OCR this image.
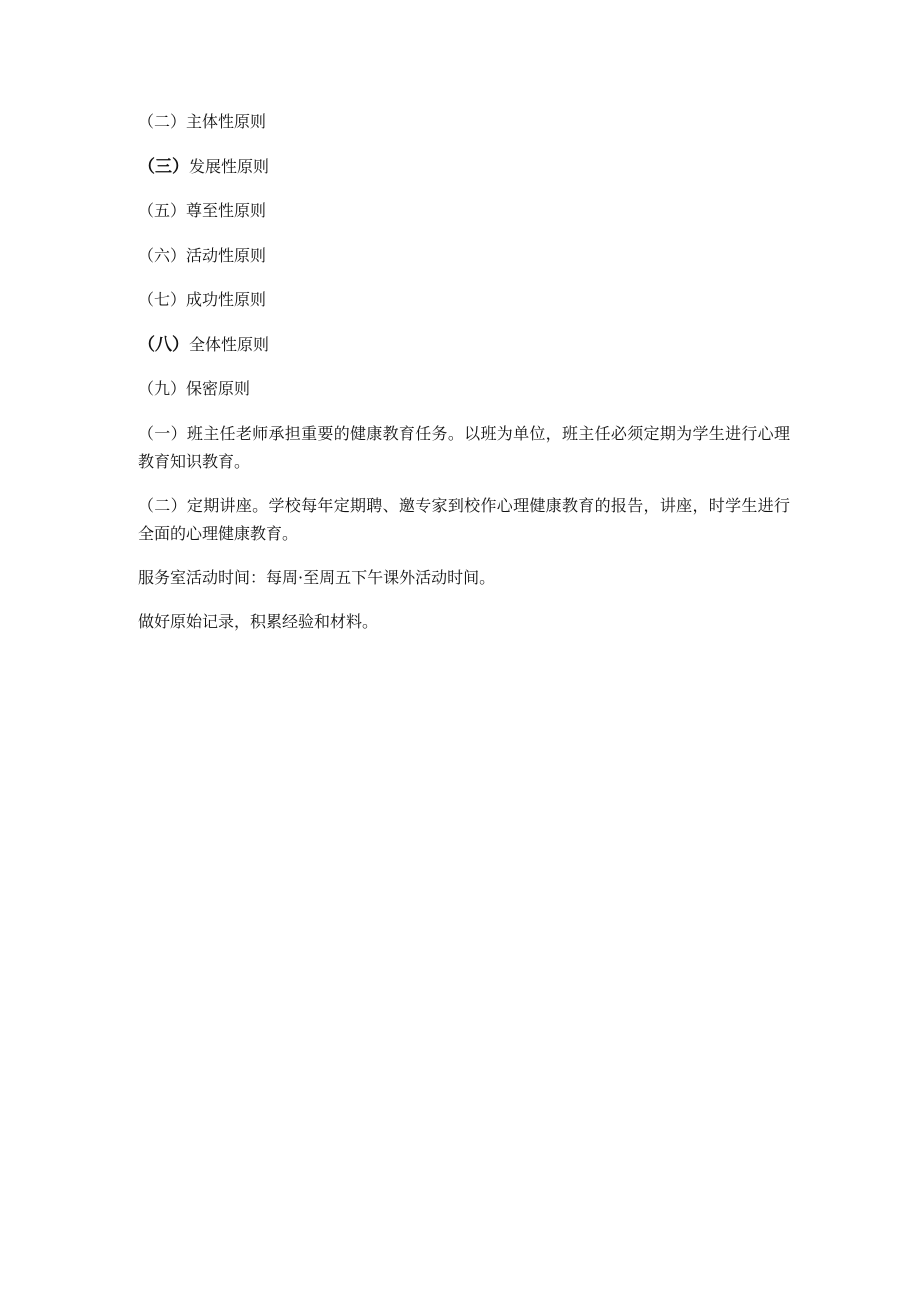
（二）主体性原则
（三）发展性原则
（五）尊至性原则
（六）活动性原则
（七）成功性原则
（八）全体性原则
（九）保密原则

（一）班主任老师承担重要的健康教育任务。以班为单位，班主任必须定期为学生进行心理教育知识教育。

（二）定期讲座。学校每年定期聘、邀专家到校作心理健康教育的报告，讲座，时学生进行全面的心理健康教育。

服务室活动时间：每周·至周五下午课外活动时间。

做好原始记录，积累经验和材料。
